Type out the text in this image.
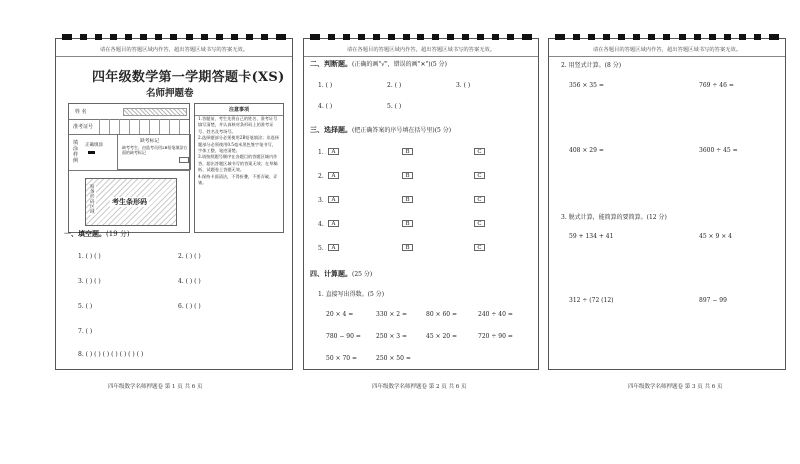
请在各题目的答题区域内作答，超出答题区域书写的答案无效。
四年级数学第一学期答题卡(XS)
名师押题卷
姓 名
准考证号
填涂样例
正确填涂
缺考标记
缺考考生，由监考员用2B铅笔填涂右面的缺考标记
贴条形码区域
考生条形码
注意事项

1.答题前，考生先将自己的姓名、准考证号填写清楚，并认真核对条形码上的准考证号、姓名及考场号。

2.选择题部分必须使用2B铅笔填涂；非选择题部分必须使用0.5毫米黑色签字笔书写，字体工整、笔迹清楚。

3.请按照题号顺序在各题目的答题区域内作答，超出答题区域书写的答案无效；在草稿纸、试题卷上答题无效。

4.保持卡面清洁，不得折叠，不要弄破、弄皱。

一、填空题。(19 分)
1. ( ) ( )	2. ( ) ( )
3. ( ) ( )	4. ( ) ( )
5. ( )	6. ( ) ( )
7. ( )
8. ( ) ( ) ( ) ( ) ( ) ( ) ( )
四年级数学名师押题卷 第 1 页 共 6 页
请在各题目的答题区域内作答，超出答题区域书写的答案无效。
二、判断题。(正确的画"√"，错误的画"✕")(5 分)
1. ( )	2. ( )	3. ( )
4. ( )	5. ( )
三、选择题。(把正确答案的序号填在括号里)(5 分)
1.	A	B	C
2.	A	B	C
3.	A	B	C
4.	A	B	C
5.	A	B	C
四、计算题。(25 分)
1. 直接写出得数。(5 分)
20 × 4 =	330 × 2 =	80 × 60 =	240 ÷ 40 =
780 − 90 =	250 × 3 =	45 × 20 =	720 ÷ 90 =
50 × 70 =	250 × 50 =
四年级数学名师押题卷 第 2 页 共 6 页
请在各题目的答题区域内作答，超出答题区域书写的答案无效。
2. 用竖式计算。(8 分)
356 × 35 =	769 ÷ 46 =
408 × 29 =	3600 ÷ 45 =
3. 脱式计算，能简算的要简算。(12 分)
59 + 134 + 41	45 × 9 × 4
312 ÷ (72 (12)	897 − 99
四年级数学名师押题卷 第 3 页 共 6 页
